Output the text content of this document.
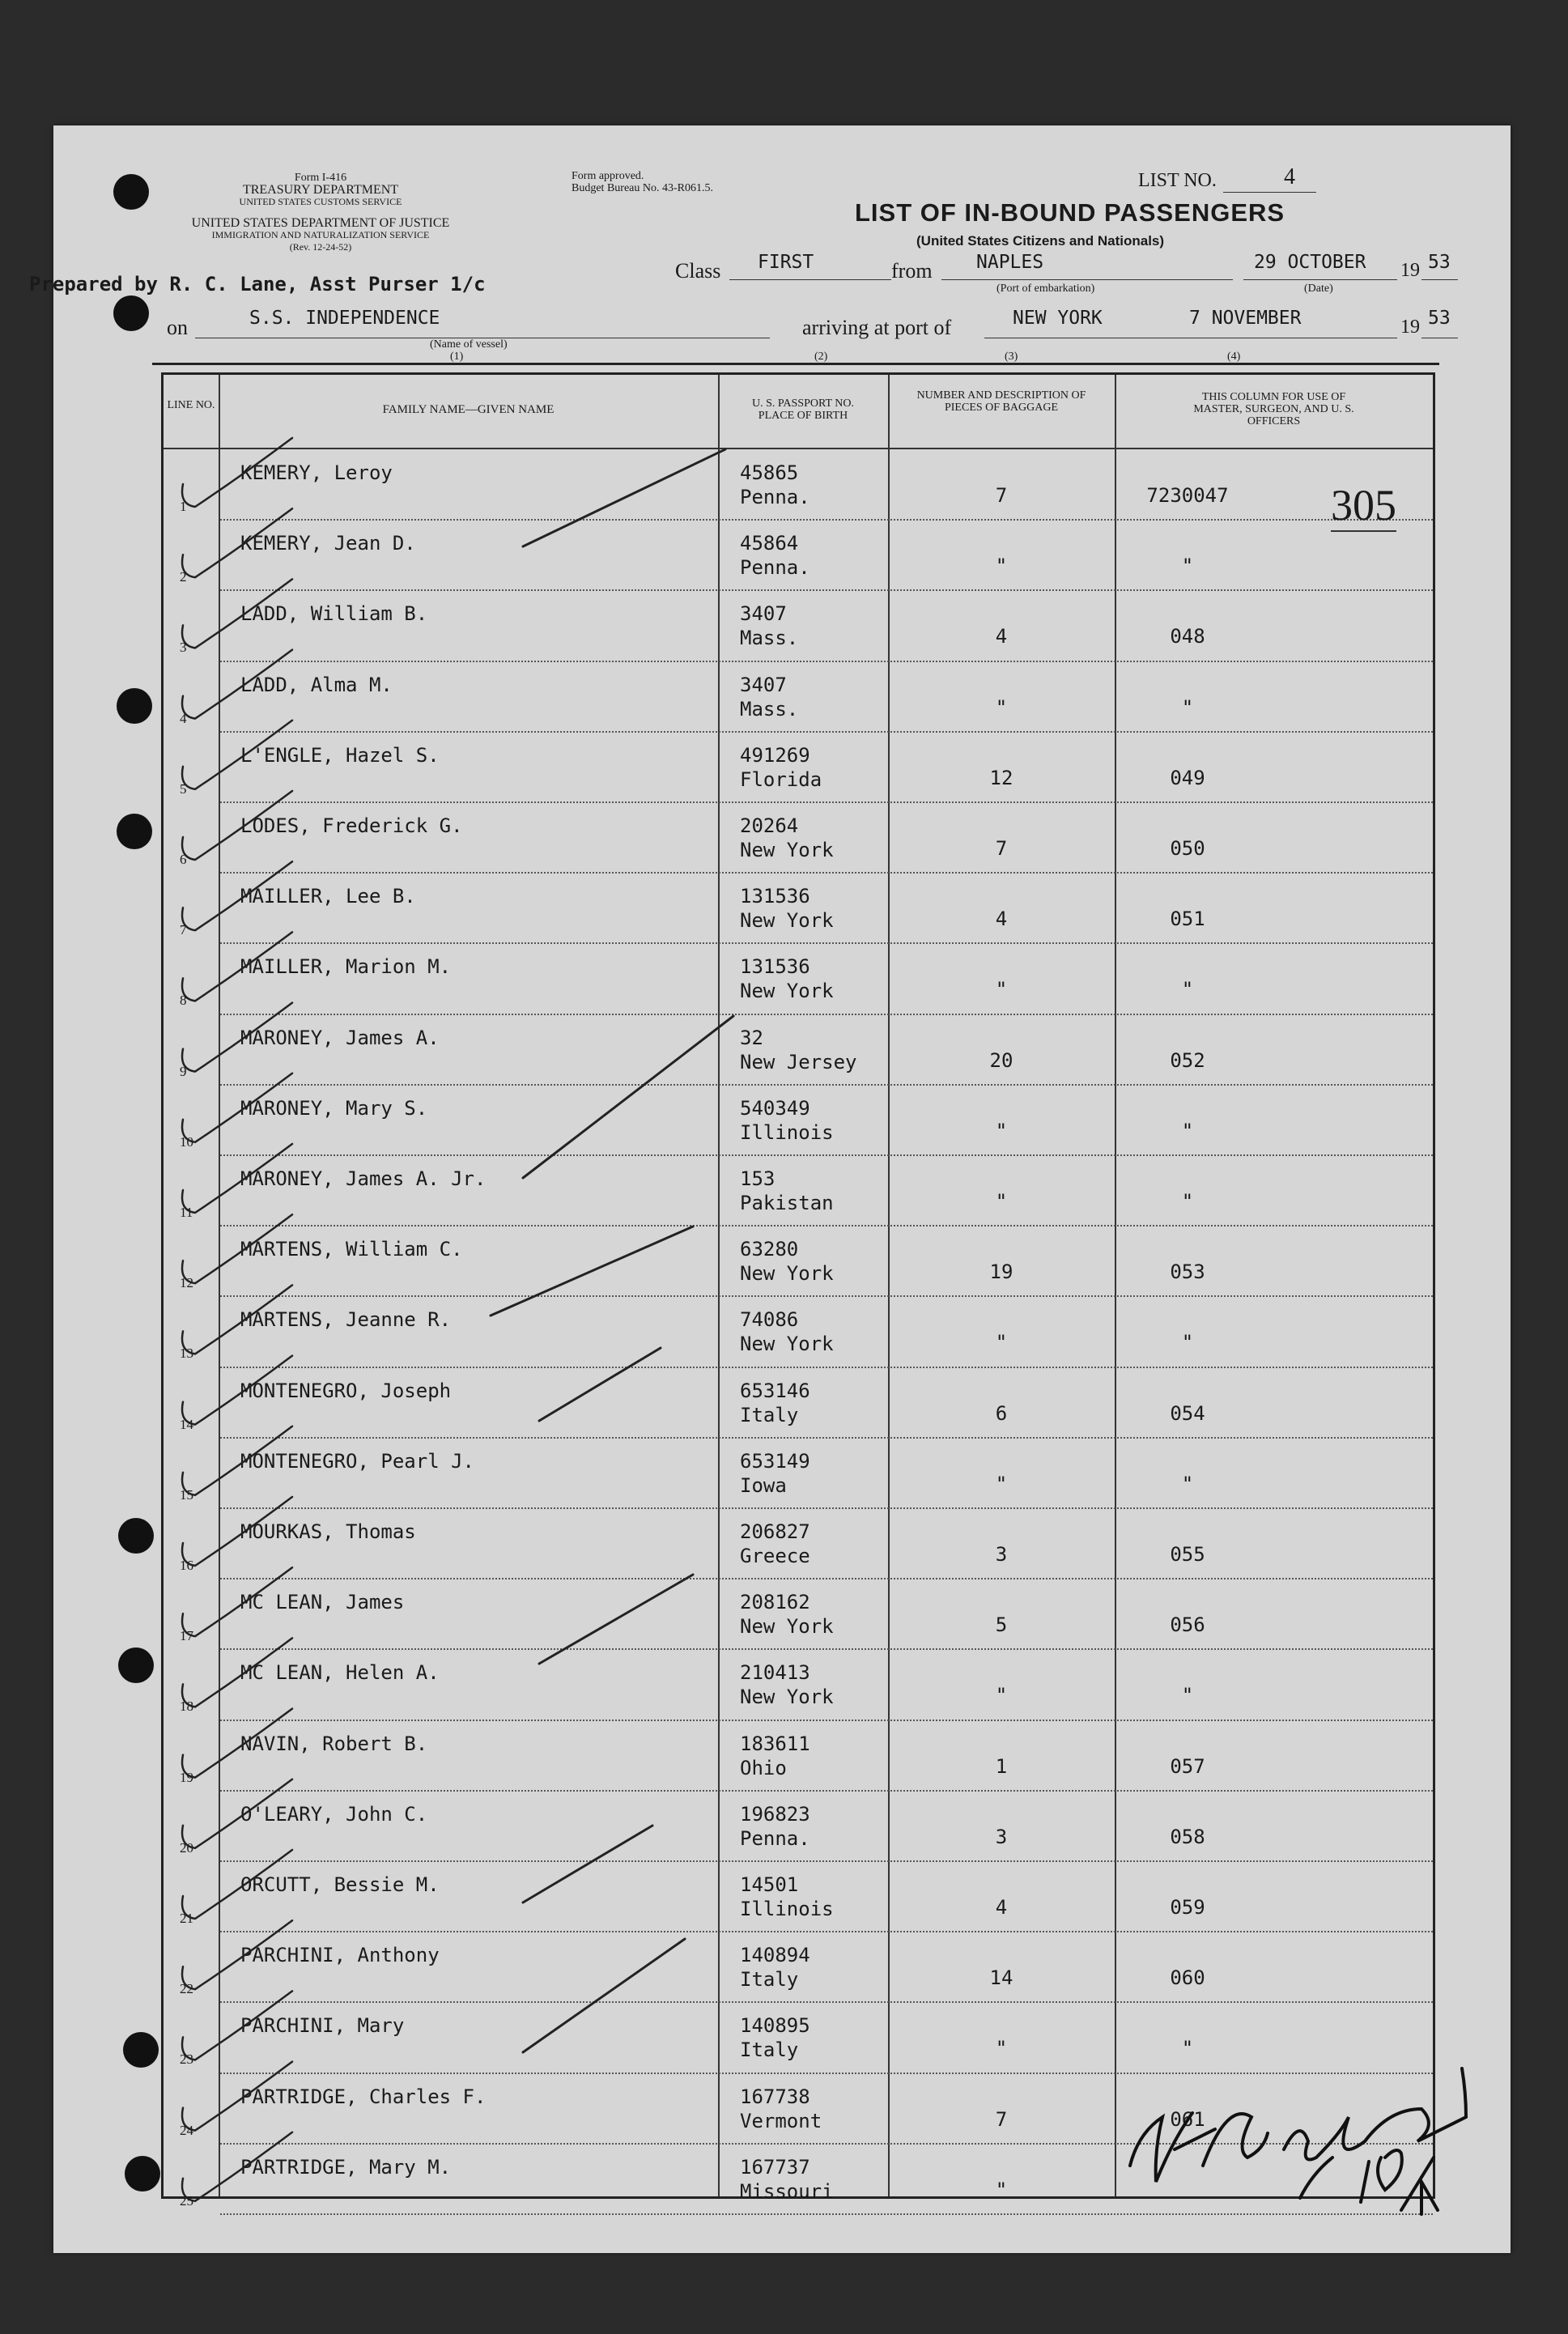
Form I-416
TREASURY DEPARTMENT
UNITED STATES CUSTOMS SERVICE
UNITED STATES DEPARTMENT OF JUSTICE
IMMIGRATION AND NATURALIZATION SERVICE
(Rev. 12-24-52)
Form approved.
Budget Bureau No. 43-R061.5.	LIST NO.	4
LIST OF IN-BOUND PASSENGERS
(United States Citizens and Nationals)
Prepared by R. C. Lane, Asst Purser 1/c
Class FIRST	from NAPLES
(Port of embarkation)
29 OCTOBER
(Date)
19 53
on	S.S. INDEPENDENCE
(Name of vessel)
arriving at port of	NEW YORK	7 NOVEMBER	19 53
(1)	(2)	(3)	(4)
LINE NO.	FAMILY NAME—GIVEN NAME	U. S. PASSPORT NO. PLACE OF BIRTH
NUMBER AND DESCRIPTION OF PIECES OF BAGGAGE
THIS COLUMN FOR USE OF MASTER, SURGEON, AND U. S. OFFICERS
1
KEMERY, Leroy	45865
Penna.	7	7230047
2
KEMERY, Jean D.	45864
Penna.	"	"
3
LADD, William B.	3407
Mass.	4	048
4
LADD, Alma M.	3407
Mass.	"	"
5
L'ENGLE, Hazel S.	491269
Florida	12	049
6
LODES, Frederick G.	20264
New York	7	050
7
MAILLER, Lee B.	131536
New York	4	051
8
MAILLER, Marion M.	131536
New York	"	"
9
MARONEY, James A.	32
New Jersey	20	052
10
MARONEY, Mary S.	540349
Illinois	"	"
11
MARONEY, James A. Jr.	153
Pakistan	"	"
12
MARTENS, William C.	63280
New York	19	053
13
MARTENS, Jeanne R.	74086
New York	"	"
14
MONTENEGRO, Joseph	653146
Italy	6	054
15
MONTENEGRO, Pearl J.	653149
Iowa	"	"
16
MOURKAS, Thomas	206827
Greece	3	055
17
MC LEAN, James	208162
New York	5	056
18
MC LEAN, Helen A.	210413
New York	"	"
19
NAVIN, Robert B.	183611
Ohio	1	057
20
O'LEARY, John C.	196823
Penna.	3	058
21
ORCUTT, Bessie M.	14501
Illinois	4	059
22
PARCHINI, Anthony	140894
Italy	14	060
23
PARCHINI, Mary	140895
Italy	"	"
24
PARTRIDGE, Charles F.	167738
Vermont	7	061
25
PARTRIDGE, Mary M.	167737
Missouri	"
305
